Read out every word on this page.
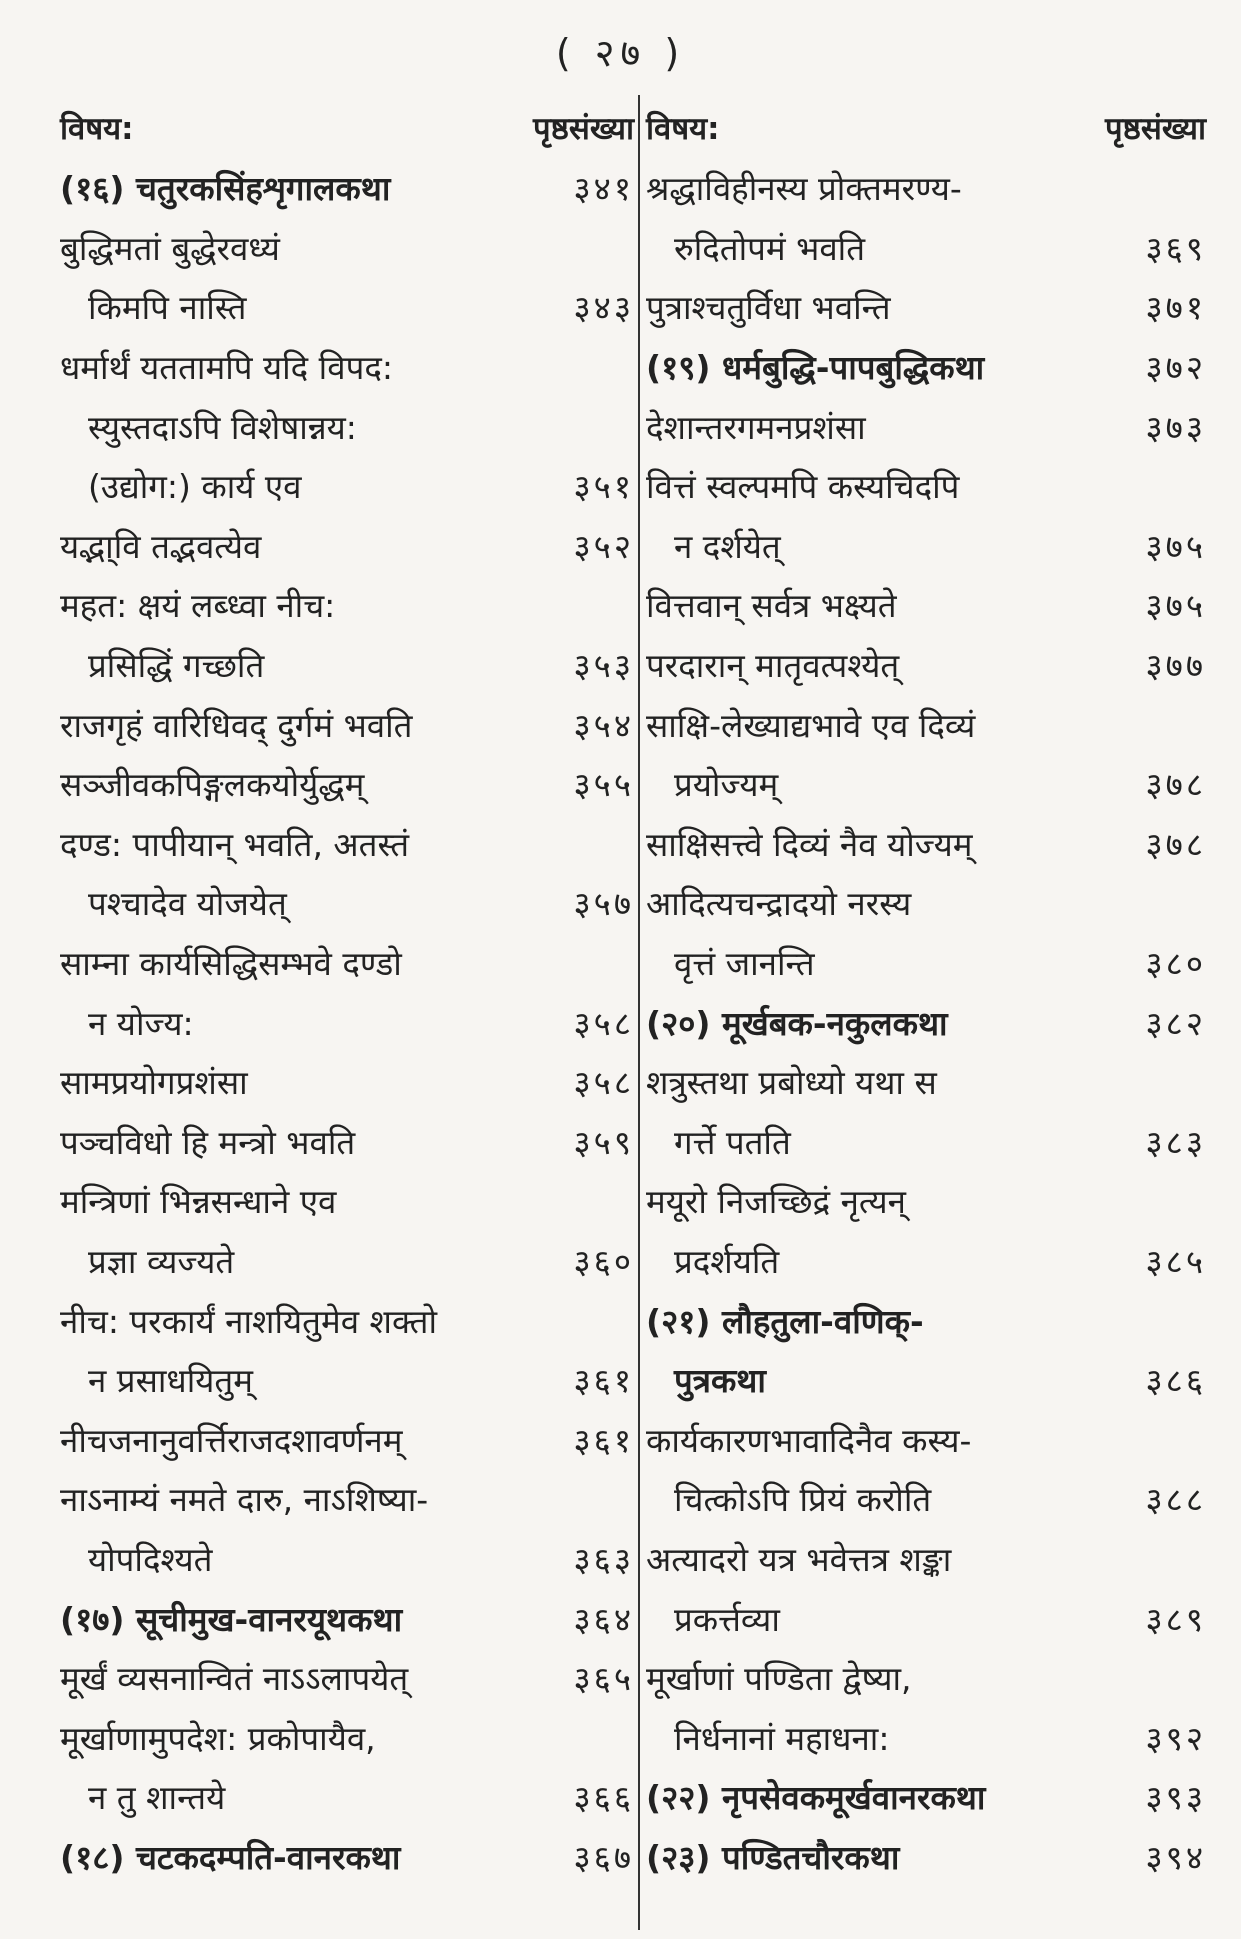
( २७ )
विषय:	पृष्ठसंख्या
(१६) चतुरकसिंहशृगालकथा	३४१
बुद्धिमतां बुद्धेरवध्यं
किमपि नास्ति	३४३
धर्मार्थं यततामपि यदि विपद:
स्युस्तदाऽपि विशेषान्नय:
(उद्योग:) कार्य एव	३५१
यद्भा्वि तद्भवत्येव	३५२
महत: क्षयं लब्ध्वा नीच:
प्रसिद्धिं गच्छति	३५३
राजगृहं वारिधिवद् दुर्गमं भवति	३५४
सञ्जीवकपिङ्गलकयोर्युद्धम्	३५५
दण्ड: पापीयान् भवति, अतस्तं
पश्चादेव योजयेत्	३५७
साम्ना कार्यसिद्धिसम्भवे दण्डो
न योज्य:	३५८
सामप्रयोगप्रशंसा	३५८
पञ्चविधो हि मन्त्रो भवति	३५९
मन्त्रिणां भिन्नसन्धाने एव
प्रज्ञा व्यज्यते	३६०
नीच: परकार्यं नाशयितुमेव शक्तो
न प्रसाधयितुम्	३६१
नीचजनानुवर्त्तिराजदशावर्णनम्	३६१
नाऽनाम्यं नमते दारु, नाऽशिष्या-
योपदिश्यते	३६३
(१७) सूचीमुख-वानरयूथकथा	३६४
मूर्खं व्यसनान्वितं नाऽऽलापयेत्	३६५
मूर्खाणामुपदेश: प्रकोपायैव,
न तु शान्तये	३६६
(१८) चटकदम्पति-वानरकथा	३६७
विषय:	पृष्ठसंख्या
श्रद्धाविहीनस्य प्रोक्तमरण्य-
रुदितोपमं भवति	३६९
पुत्राश्चतुर्विधा भवन्ति	३७१
(१९) धर्मबुद्धि-पापबुद्धिकथा	३७२
देशान्तरगमनप्रशंसा	३७३
वित्तं स्वल्पमपि कस्यचिदपि
न दर्शयेत्	३७५
वित्तवान् सर्वत्र भक्ष्यते	३७५
परदारान् मातृवत्पश्येत्	३७७
साक्षि-लेख्याद्यभावे एव दिव्यं
प्रयोज्यम्	३७८
साक्षिसत्त्वे दिव्यं नैव योज्यम्	३७८
आदित्यचन्द्रादयो नरस्य
वृत्तं जानन्ति	३८०
(२०) मूर्खबक-नकुलकथा	३८२
शत्रुस्तथा प्रबोध्यो यथा स
गर्त्ते पतति	३८३
मयूरो निजच्छिद्रं नृत्यन्
प्रदर्शयति	३८५
(२१) लौहतुला-वणिक्-
पुत्रकथा	३८६
कार्यकारणभावादिनैव कस्य-
चित्कोऽपि प्रियं करोति	३८८
अत्यादरो यत्र भवेत्तत्र शङ्का
प्रकर्त्तव्या	३८९
मूर्खाणां पण्डिता द्वेष्या,
निर्धनानां महाधना:	३९२
(२२) नृपसेवकमूर्खवानरकथा	३९३
(२३) पण्डितचौरकथा	३९४
